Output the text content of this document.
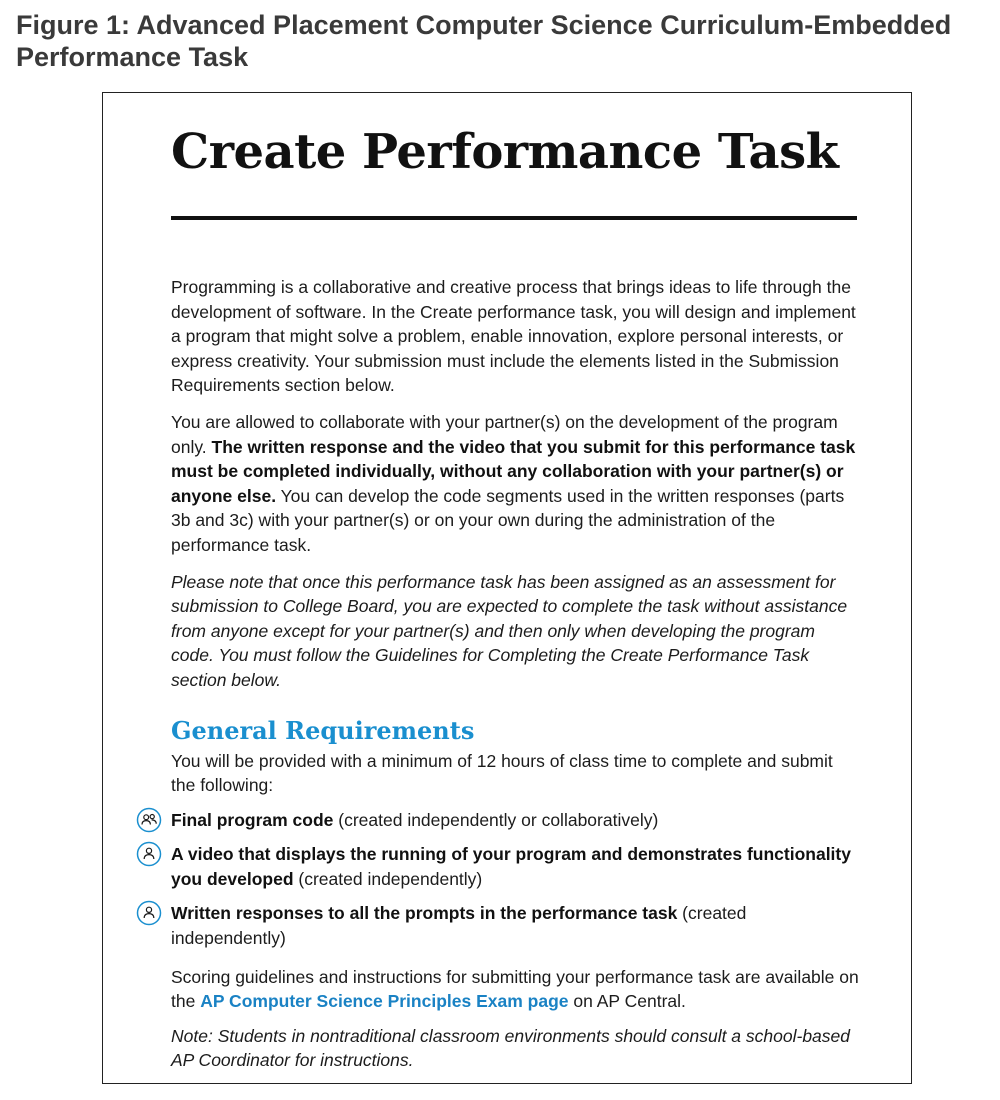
Figure 1: Advanced Placement Computer Science Curriculum-Embedded Performance Task
Create Performance Task

Programming is a collaborative and creative process that brings ideas to life through the development of software. In the Create performance task, you will design and implement a program that might solve a problem, enable innovation, explore personal interests, or express creativity. Your submission must include the elements listed in the Submission Requirements section below.

You are allowed to collaborate with your partner(s) on the development of the program only. The written response and the video that you submit for this performance task must be completed individually, without any collaboration with your partner(s) or anyone else. You can develop the code segments used in the written responses (parts 3b and 3c) with your partner(s) or on your own during the administration of the performance task.

Please note that once this performance task has been assigned as an assessment for submission to College Board, you are expected to complete the task without assistance from anyone except for your partner(s) and then only when developing the program code. You must follow the Guidelines for Completing the Create Performance Task section below.

General Requirements

You will be provided with a minimum of 12 hours of class time to complete and submit the following:

Final program code (created independently or collaboratively)
A video that displays the running of your program and demonstrates functionality you developed (created independently)
Written responses to all the prompts in the performance task (created independently)

Scoring guidelines and instructions for submitting your performance task are available on the AP Computer Science Principles Exam page on AP Central.

Note: Students in nontraditional classroom environments should consult a school-based AP Coordinator for instructions.
